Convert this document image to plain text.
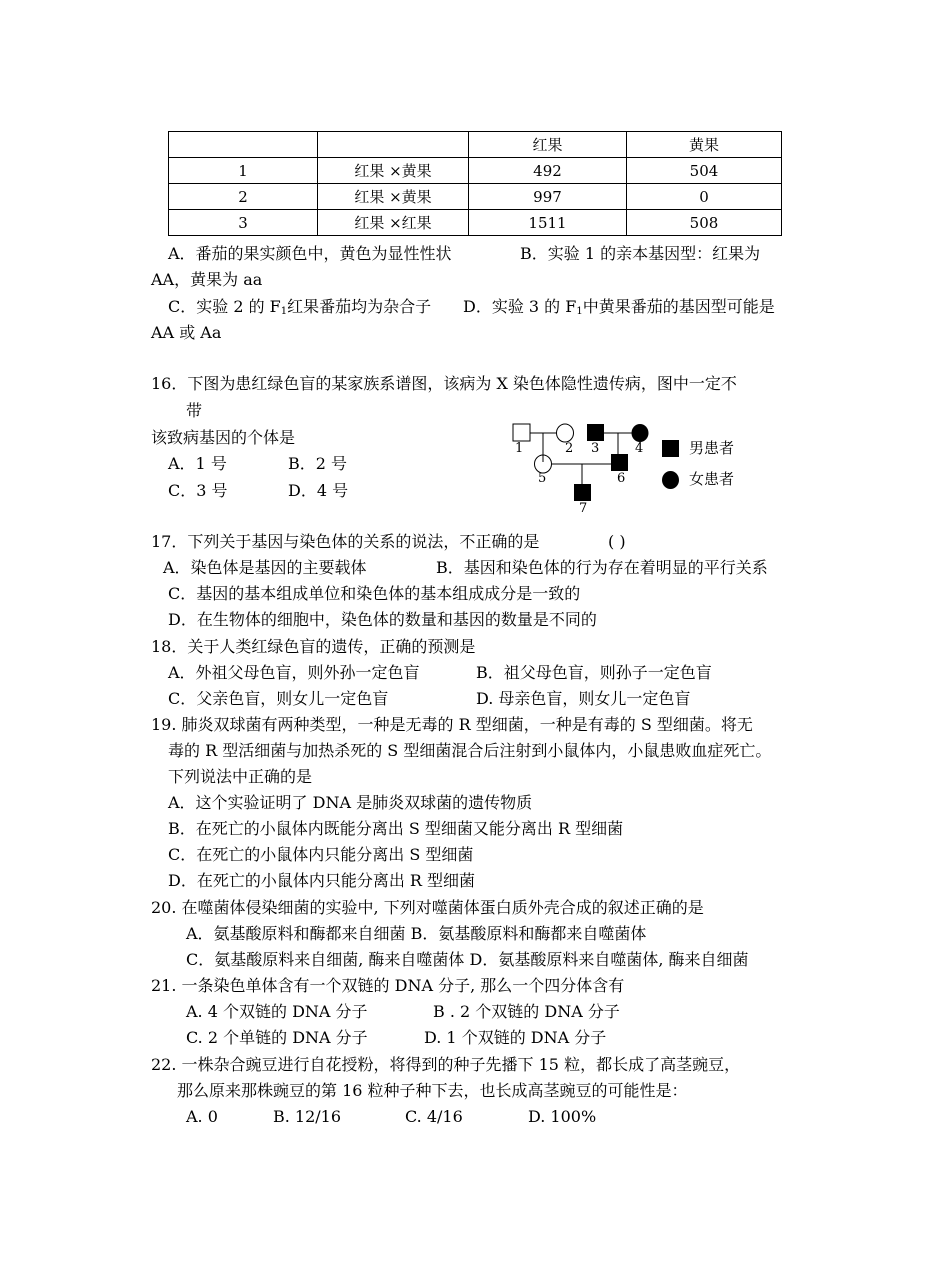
		红果	黄果
1	红果 ×黄果	492	504
2	红果 ×黄果	997	0
3	红果 ×红果	1511	508
A．番茄的果实颜色中，黄色为显性性状	B．实验 1 的亲本基因型：红果为
AA，黄果为 aa
C．实验 2 的 $F_1$红果番茄均为杂合子 D．实验 3 的 $F_1$中黄果番茄的基因型可能是
AA 或 Aa
16．下图为患红绿色盲的某家族系谱图，该病为 X 染色体隐性遗传病，图中一定不
带
该致病基因的个体是
A．1 号	B．2 号
C．3 号	D．4 号
1	2 3	4
5	6
7
男患者
女患者
17．下列关于基因与染色体的关系的说法，不正确的是	( )
A．染色体是基因的主要载体	B．基因和染色体的行为存在着明显的平行关系
C．基因的基本组成单位和染色体的基本组成成分是一致的
D．在生物体的细胞中，染色体的数量和基因的数量是不同的
18．关于人类红绿色盲的遗传，正确的预测是
A．外祖父母色盲，则外孙一定色盲	B．祖父母色盲，则孙子一定色盲
C．父亲色盲，则女儿一定色盲	D. 母亲色盲，则女儿一定色盲
19. 肺炎双球菌有两种类型，一种是无毒的 R 型细菌，一种是有毒的 S 型细菌。将无
毒的 R 型活细菌与加热杀死的 S 型细菌混合后注射到小鼠体内，小鼠患败血症死亡。
下列说法中正确的是
A．这个实验证明了 DNA 是肺炎双球菌的遗传物质
B．在死亡的小鼠体内既能分离出 S 型细菌又能分离出 R 型细菌
C．在死亡的小鼠体内只能分离出 S 型细菌
D．在死亡的小鼠体内只能分离出 R 型细菌
20. 在噬菌体侵染细菌的实验中, 下列对噬菌体蛋白质外壳合成的叙述正确的是
A．氨基酸原料和酶都来自细菌 B．氨基酸原料和酶都来自噬菌体
C．氨基酸原料来自细菌, 酶来自噬菌体 D．氨基酸原料来自噬菌体, 酶来自细菌
21. 一条染色单体含有一个双链的 DNA 分子, 那么一个四分体含有
A. 4 个双链的 DNA 分子	B . 2 个双链的 DNA 分子
C. 2 个单链的 DNA 分子	D. 1 个双链的 DNA 分子
22. 一株杂合豌豆进行自花授粉，将得到的种子先播下 15 粒，都长成了高茎豌豆，
那么原来那株豌豆的第 16 粒种子种下去，也长成高茎豌豆的可能性是：
A. 0	B. 12/16	C. 4/16	D. 100%
